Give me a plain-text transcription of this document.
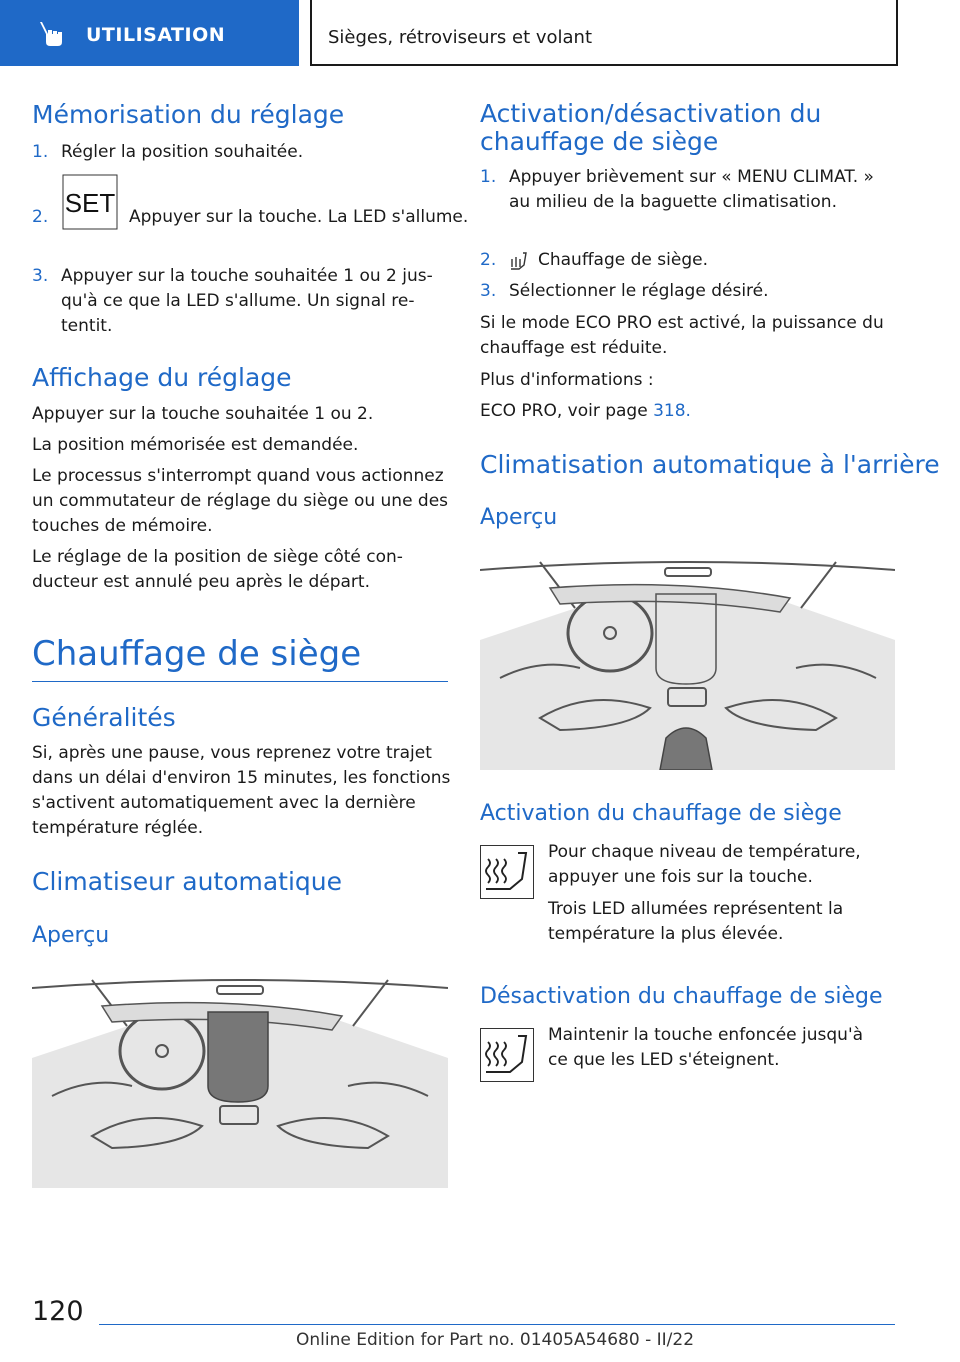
UTILISATION	Sièges, rétroviseurs et volant
Mémorisation du réglage
1. Régler la position souhaitée.
2. SET Appuyer sur la touche. La LED s'allume.
3. Appuyer sur la touche souhaitée 1 ou 2 jusqu'à ce que la LED s'allume. Un signal retentit.
Affichage du réglage
Appuyer sur la touche souhaitée 1 ou 2.
La position mémorisée est demandée.
Le processus s'interrompt quand vous actionnez un commutateur de réglage du siège ou une des touches de mémoire.
Le réglage de la position de siège côté conducteur est annulé peu après le départ.
Chauffage de siège
Généralités
Si, après une pause, vous reprenez votre trajet dans un délai d'environ 15 minutes, les fonctions s'activent automatiquement avec la dernière température réglée.
Climatiseur automatique
Aperçu
Activation/désactivation du chauffage de siège
1. Appuyer brièvement sur « MENU CLIMAT. » au milieu de la baguette climatisation.
2. Chauffage de siège.
3. Sélectionner le réglage désiré.
Si le mode ECO PRO est activé, la puissance du chauffage est réduite.
Plus d'informations :
ECO PRO, voir page 318.
Climatisation automatique à l'arrière
Aperçu
Activation du chauffage de siège
Pour chaque niveau de température, appuyer une fois sur la touche.
Trois LED allumées représentent la température la plus élevée.
Désactivation du chauffage de siège
Maintenir la touche enfoncée jusqu'à ce que les LED s'éteignent.
120
Online Edition for Part no. 01405A54680 - II/22
